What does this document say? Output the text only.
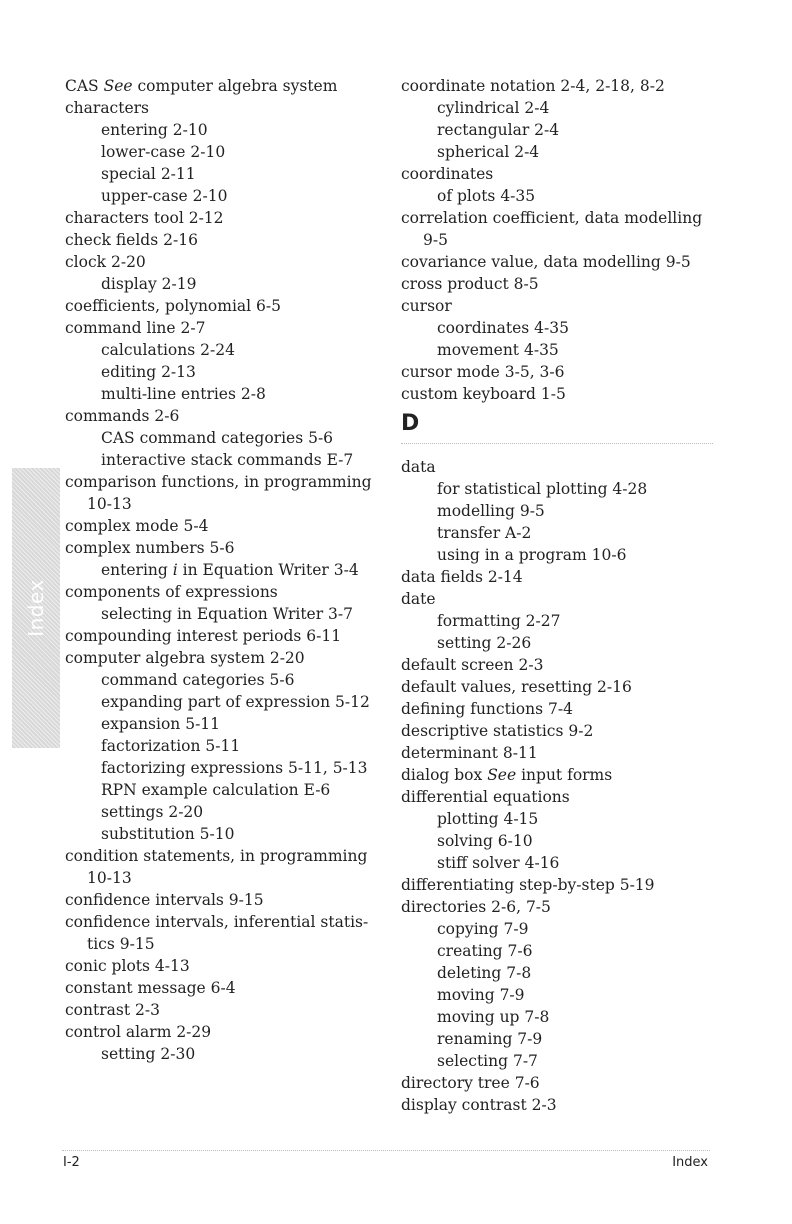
Index
CAS See computer algebra system
characters
entering 2-10
lower-case 2-10
special 2-11
upper-case 2-10
characters tool 2-12
check fields 2-16
clock 2-20
display 2-19
coefficients, polynomial 6-5
command line 2-7
calculations 2-24
editing 2-13
multi-line entries 2-8
commands 2-6
CAS command categories 5-6
interactive stack commands E-7
comparison functions, in programming 10-13
complex mode 5-4
complex numbers 5-6
entering i in Equation Writer 3-4
components of expressions
selecting in Equation Writer 3-7
compounding interest periods 6-11
computer algebra system 2-20
command categories 5-6
expanding part of expression 5-12
expansion 5-11
factorization 5-11
factorizing expressions 5-11, 5-13
RPN example calculation E-6
settings 2-20
substitution 5-10
condition statements, in programming 10-13
confidence intervals 9-15
confidence intervals, inferential statis- tics 9-15
conic plots 4-13
constant message 6-4
contrast 2-3
control alarm 2-29
setting 2-30
coordinate notation 2-4, 2-18, 8-2
cylindrical 2-4
rectangular 2-4
spherical 2-4
coordinates
of plots 4-35
correlation coefficient, data modelling 9-5
covariance value, data modelling 9-5
cross product 8-5
cursor
coordinates 4-35
movement 4-35
cursor mode 3-5, 3-6
custom keyboard 1-5
D
data
for statistical plotting 4-28
modelling 9-5
transfer A-2
using in a program 10-6
data fields 2-14
date
formatting 2-27
setting 2-26
default screen 2-3
default values, resetting 2-16
defining functions 7-4
descriptive statistics 9-2
determinant 8-11
dialog box See input forms
differential equations
plotting 4-15
solving 6-10
stiff solver 4-16
differentiating step-by-step 5-19
directories 2-6, 7-5
copying 7-9
creating 7-6
deleting 7-8
moving 7-9
moving up 7-8
renaming 7-9
selecting 7-7
directory tree 7-6
display contrast 2-3
I-2	Index
